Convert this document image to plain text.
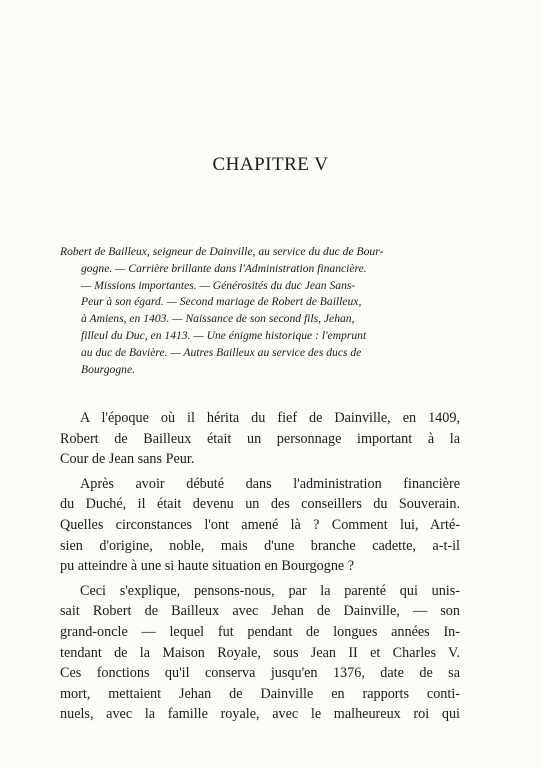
CHAPITRE V

Robert de Bailleux, seigneur de Dainville, au service du duc de Bour-
gogne. — Carrière brillante dans l'Administration financière.
— Missions importantes. — Générosités du duc Jean Sans-
Peur à son égard. — Second mariage de Robert de Bailleux,
à Amiens, en 1403. — Naissance de son second fils, Jehan,
filleul du Duc, en 1413. — Une énigme historique : l'emprunt
au duc de Bavière. — Autres Bailleux au service des ducs de
Bourgogne.

A l'époque où il hérita du fief de Dainville, en 1409,
Robert de Bailleux était un personnage important à la
Cour de Jean sans Peur.

Après avoir débuté dans l'administration financière
du Duché, il était devenu un des conseillers du Souverain.
Quelles circonstances l'ont amené là ? Comment lui, Arté-
sien d'origine, noble, mais d'une branche cadette, a-t-il
pu atteindre à une si haute situation en Bourgogne ?

Ceci s'explique, pensons-nous, par la parenté qui unis-
sait Robert de Bailleux avec Jehan de Dainville, — son
grand-oncle — lequel fut pendant de longues années In-
tendant de la Maison Royale, sous Jean II et Charles V.
Ces fonctions qu'il conserva jusqu'en 1376, date de sa
mort, mettaient Jehan de Dainville en rapports conti-
nuels, avec la famille royale, avec le malheureux roi qui
